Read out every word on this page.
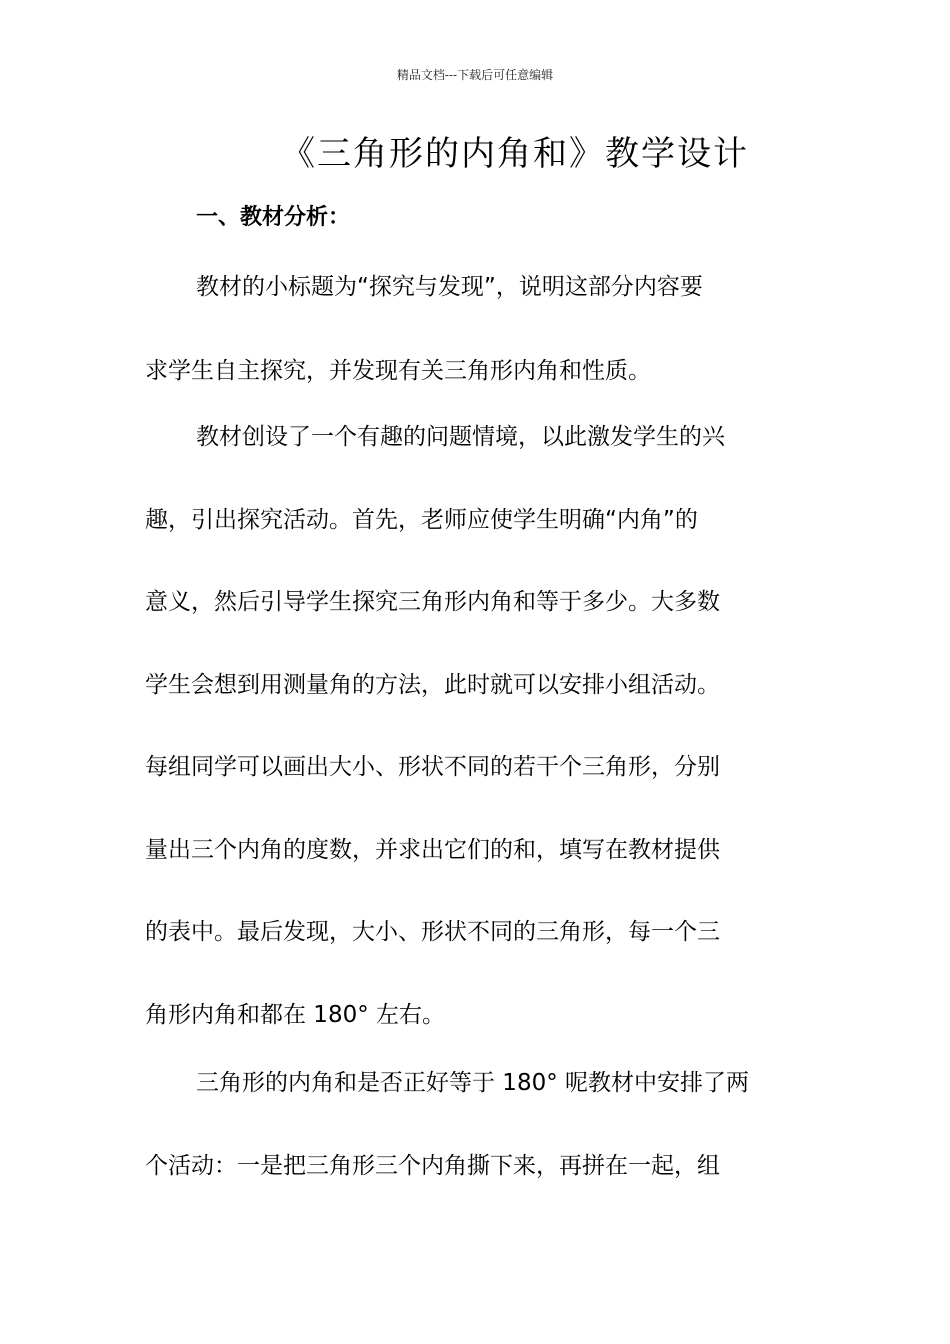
精品文档---下载后可任意编辑
《三角形的内角和》教学设计
一、教材分析：

教材的小标题为“探究与发现”，说明这部分内容要

求学生自主探究，并发现有关三角形内角和性质。

教材创设了一个有趣的问题情境，以此激发学生的兴

趣，引出探究活动。首先，老师应使学生明确“内角”的

意义，然后引导学生探究三角形内角和等于多少。大多数

学生会想到用测量角的方法，此时就可以安排小组活动。

每组同学可以画出大小、形状不同的若干个三角形，分别

量出三个内角的度数，并求出它们的和，填写在教材提供

的表中。最后发现，大小、形状不同的三角形，每一个三

角形内角和都在 180° 左右。

三角形的内角和是否正好等于 180° 呢教材中安排了两

个活动：一是把三角形三个内角撕下来，再拼在一起，组
